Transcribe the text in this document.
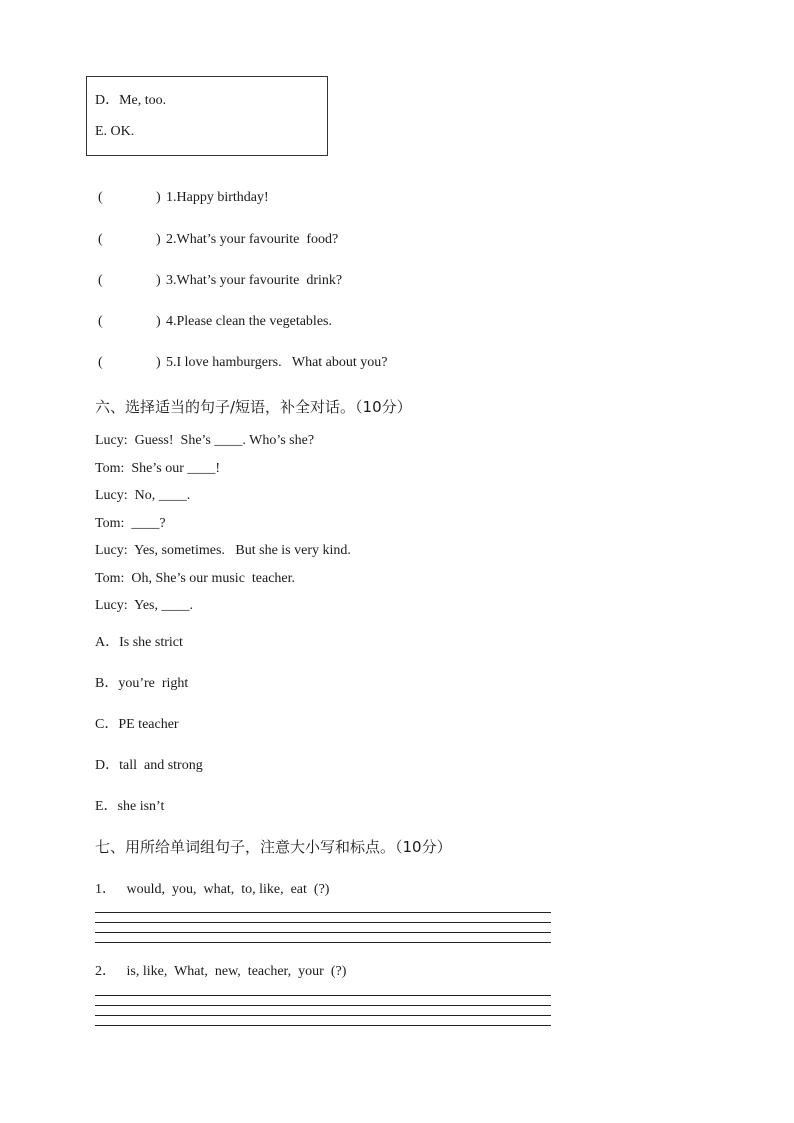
D．Me, too.
E. OK.
(	) 1.Happy birthday!
(	) 2.What’s your favourite  food?
(	) 3.What’s your favourite  drink?
(	) 4.Please clean the vegetables.
(	) 5.I love hamburgers.   What about you?
六、选择适当的句子/短语，补全对话。（10分）
Lucy:  Guess!  She’s ____. Who’s she?
Tom:  She’s our ____!
Lucy:  No, ____.
Tom:  ____?
Lucy:  Yes, sometimes.   But she is very kind.
Tom:  Oh, She’s our music  teacher.
Lucy:  Yes, ____.
A．Is she strict
B．you’re  right
C．PE teacher
D．tall  and strong
E．she isn’t
七、用所给单词组句子，注意大小写和标点。（10分）
1．   would,  you,  what,  to, like,  eat  (?)
2．   is, like,  What,  new,  teacher,  your  (?)
